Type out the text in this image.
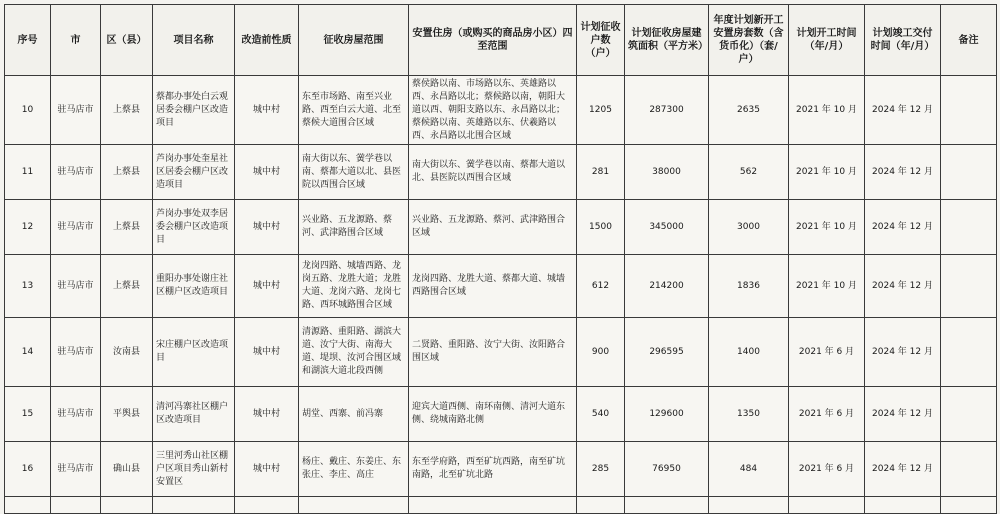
序号	市	区（县）	项目名称	改造前性质	征收房屋范围	安置住房（或购买的商品房小区）四至范围	计划征收户数（户）	计划征收房屋建筑面积（平方米）	年度计划新开工安置房套数（含货币化）（套/户）	计划开工时间（年/月）	计划竣工交付时间（年/月）	备注
10	驻马店市	上蔡县	蔡都办事处白云观居委会棚户区改造项目	城中村	东至市场路、南至兴业路、西至白云大道、北至蔡候大道围合区域	蔡侯路以南、市场路以东、英雄路以西、永昌路以北；蔡候路以南，朝阳大道以西、朝阳支路以东、永昌路以北；蔡候路以南、英雄路以东、伏羲路以西、永昌路以北围合区域	1205	287300	2635	2021 年 10 月	2024 年 12 月	
11	驻马店市	上蔡县	芦岗办事处奎星社区居委会棚户区改造项目	城中村	南大街以东、黉学巷以南、蔡都大道以北、县医院以西围合区域	南大街以东、黉学巷以南、蔡都大道以北、县医院以西围合区域	281	38000	562	2021 年 10 月	2024 年 12 月	
12	驻马店市	上蔡县	芦岗办事处双李居委会棚户区改造项目	城中村	兴业路、五龙源路、蔡河、武津路围合区域	兴业路、五龙源路、蔡河、武津路围合区域	1500	345000	3000	2021 年 10 月	2024 年 12 月	
13	驻马店市	上蔡县	重阳办事处谢庄社区棚户区改造项目	城中村	龙岗四路、城墙西路、龙岗五路、龙胜大道；龙胜大道、龙岗六路、龙岗七路、西环城路围合区域	龙岗四路、龙胜大道、蔡都大道、城墙西路围合区域	612	214200	1836	2021 年 10 月	2024 年 12 月	
14	驻马店市	汝南县	宋庄棚户区改造项目	城中村	清源路、重阳路、湖滨大道、汝宁大街、南海大道、堤坝、汝河合围区域和湖滨大道北段西侧	二贤路、重阳路、汝宁大街、汝阳路合围区域	900	296595	1400	2021 年 6 月	2024 年 12 月	
15	驻马店市	平舆县	清河冯寨社区棚户区改造项目	城中村	胡堂、西寨、前冯寨	迎宾大道西侧、南环南侧、清河大道东侧、绕城南路北侧	540	129600	1350	2021 年 6 月	2024 年 12 月	
16	驻马店市	确山县	三里河秀山社区棚户区项目秀山新村安置区	城中村	杨庄、戴庄、东姜庄、东张庄、李庄、高庄	东至学府路，西至矿坑西路，南至矿坑南路，北至矿坑北路	285	76950	484	2021 年 6 月	2024 年 12 月	
